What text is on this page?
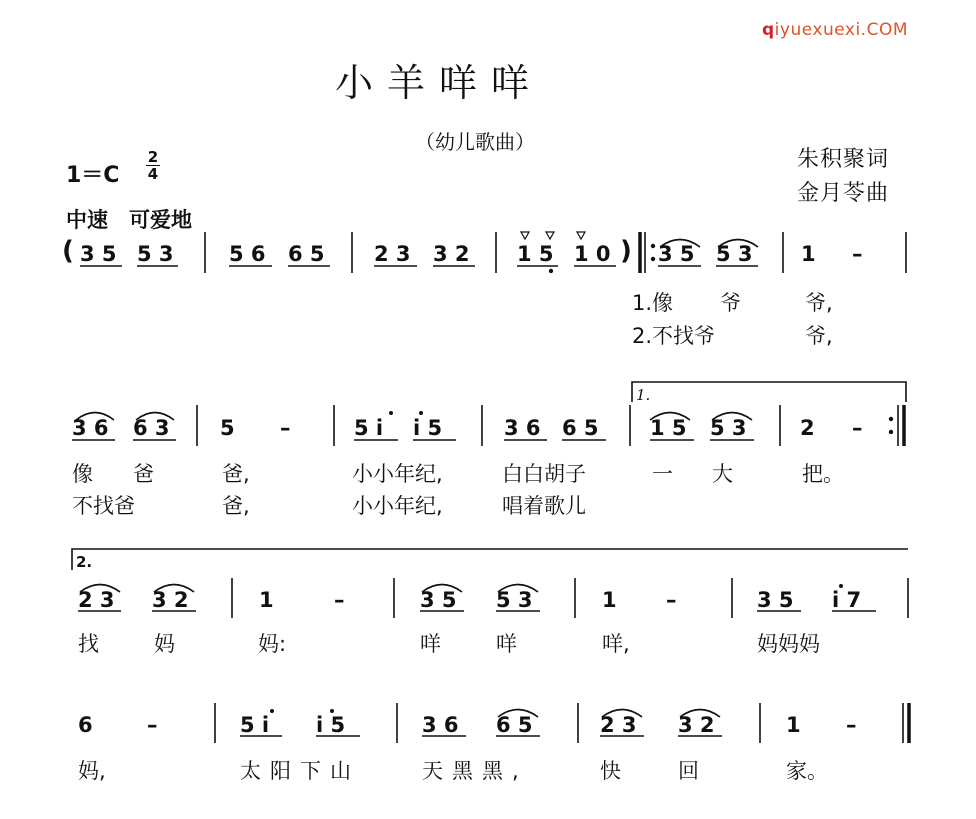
qiyuexuexi.COM
小羊咩咩
（幼儿歌曲）
朱积聚词
金月苓曲
1＝C
2
4
中速　可爱地
( 3 5 5 3	5 6 6 5 2 3 3 2 1 5 1 0 ) 3 5 5 3 1 –
1.像 爷	爷,
2.不找爷	爷,
1.
3 6 6 3 5 –	5 i i 5	3 6 6 5 1 5 5 3	2 –
像 爸	爸,	小小年纪,	白白胡子	一 大	把。
不找爸	爸,	小小年纪,	唱着歌儿
2.
2 3 3 2	1	–	3 5 5 3	1 –	3 5 i 7
找	妈	妈:	咩	咩	咩,	妈妈妈
6	–	5 i i 5	3 6 6 5	2 3 3 2	1 –
妈,	太阳下山	天黑黑,	快	回	家。
